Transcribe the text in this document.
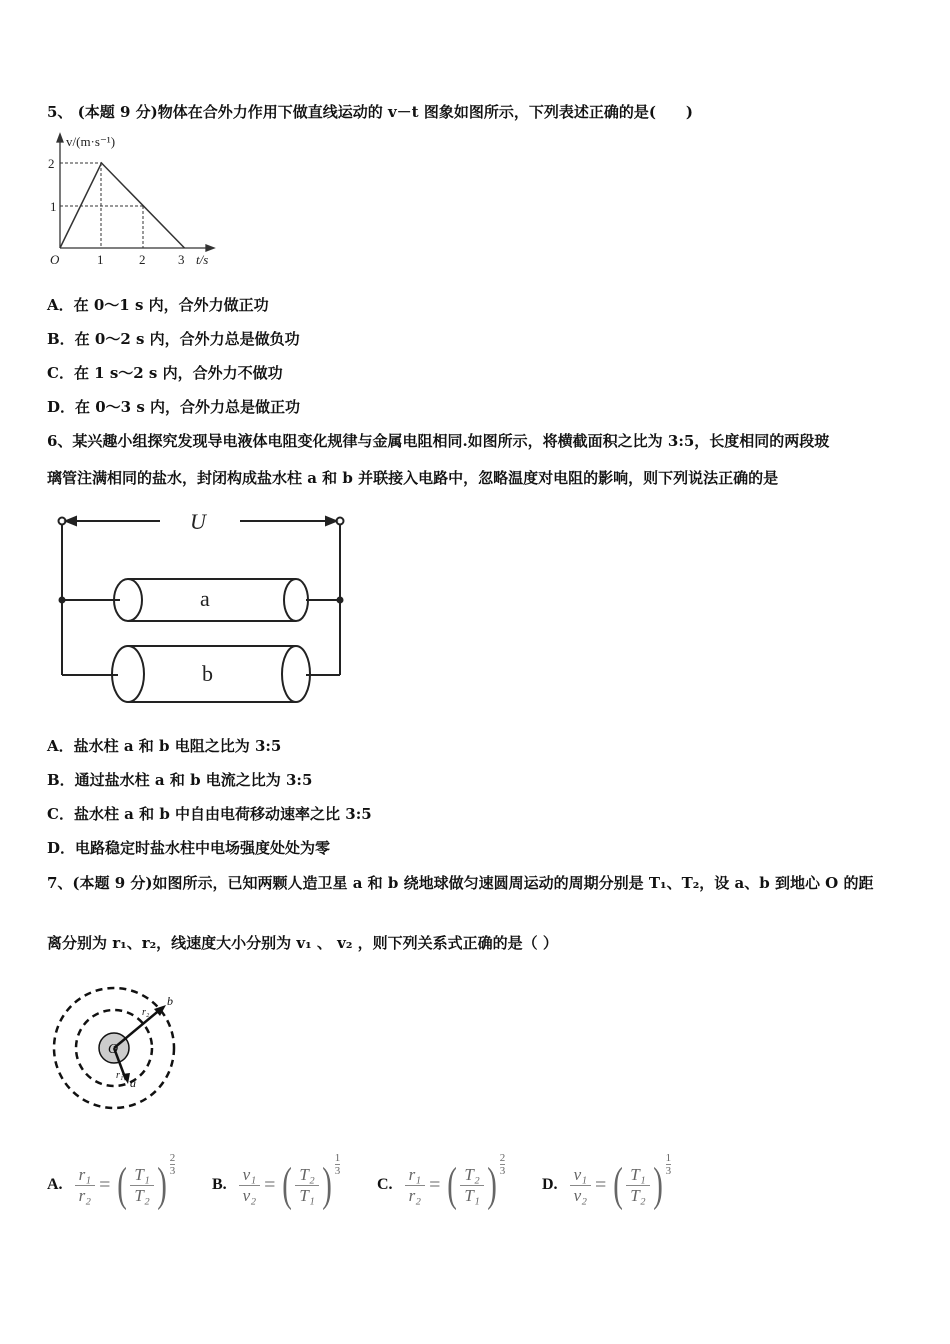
5、 (本题 9 分)物体在合外力作用下做直线运动的 v－t 图象如图所示，下列表述正确的是(　　)
v/(m·s⁻¹)
2
1
O	1	2	3 t/s
A．在 0～1 s 内，合外力做正功
B．在 0～2 s 内，合外力总是做负功
C．在 1 s～2 s 内，合外力不做功
D．在 0～3 s 内，合外力总是做正功
6、某兴趣小组探究发现导电液体电阻变化规律与金属电阻相同.如图所示，将横截面积之比为 3:5，长度相同的两段玻
璃管注满相同的盐水，封闭构成盐水柱 a 和 b 并联接入电路中，忽略温度对电阻的影响，则下列说法正确的是
U
a
b
A．盐水柱 a 和 b 电阻之比为 3:5
B．通过盐水柱 a 和 b 电流之比为 3:5
C．盐水柱 a 和 b 中自由电荷移动速率之比 3:5
D．电路稳定时盐水柱中电场强度处处为零
7、(本题 9 分)如图所示，已知两颗人造卫星 a 和 b 绕地球做匀速圆周运动的周期分别是 T₁、T₂，设 a、b 到地心 O 的距
离分别为 r₁、r₂，线速度大小分别为 v₁ 、 v₂ ，则下列关系式正确的是（ ）
O
b
a
r₂
r₁
A. $\frac{\text{r₁}}{\text{r₂}}$ = ( $\frac{\text{T₁}}{\text{T₂}}$ ) $\frac{2}{3}$
B. $\frac{\text{v₁}}{\text{v₂}}$ = ( $\frac{\text{T₂}}{\text{T₁}}$ ) $\frac{1}{3}$
C. $\frac{\text{r₁}}{\text{r₂}}$ = ( $\frac{\text{T₂}}{\text{T₁}}$ ) $\frac{2}{3}$
D. $\frac{\text{v₁}}{\text{v₂}}$ = ( $\frac{\text{T₁}}{\text{T₂}}$ ) $\frac{1}{3}$
